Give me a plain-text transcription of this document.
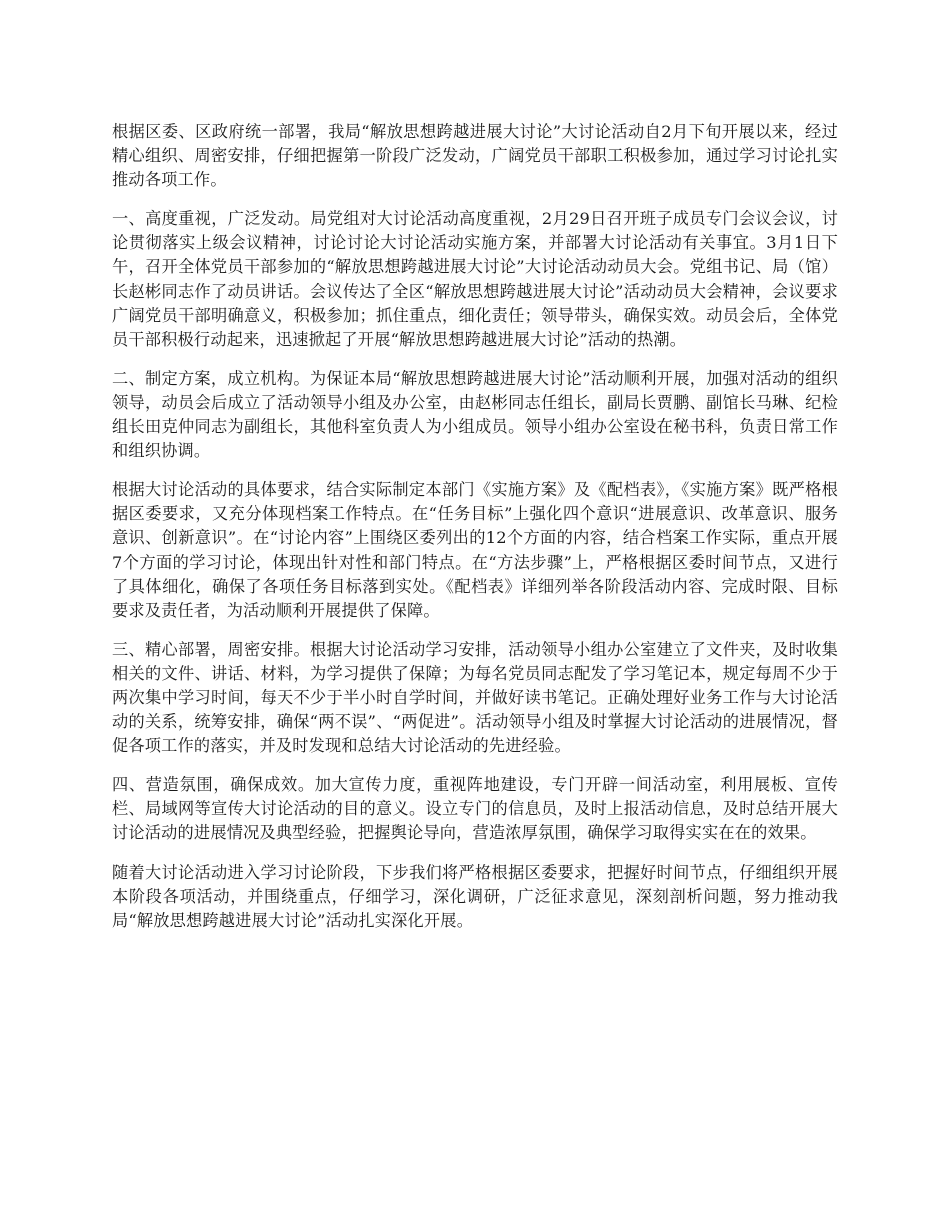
根据区委、区政府统一部署，我局“解放思想跨越进展大讨论”大讨论活动自2月下旬开展以来，经过精心组织、周密安排，仔细把握第一阶段广泛发动，广阔党员干部职工积极参加，通过学习讨论扎实推动各项工作。

一、高度重视，广泛发动。局党组对大讨论活动高度重视，2月29日召开班子成员专门会议会议，讨论贯彻落实上级会议精神，讨论讨论大讨论活动实施方案，并部署大讨论活动有关事宜。3月1日下午，召开全体党员干部参加的“解放思想跨越进展大讨论”大讨论活动动员大会。党组书记、局（馆）长赵彬同志作了动员讲话。会议传达了全区“解放思想跨越进展大讨论”活动动员大会精神，会议要求广阔党员干部明确意义，积极参加；抓住重点，细化责任；领导带头，确保实效。动员会后，全体党员干部积极行动起来，迅速掀起了开展“解放思想跨越进展大讨论”活动的热潮。

二、制定方案，成立机构。为保证本局“解放思想跨越进展大讨论”活动顺利开展，加强对活动的组织领导，动员会后成立了活动领导小组及办公室，由赵彬同志任组长，副局长贾鹏、副馆长马琳、纪检组长田克仲同志为副组长，其他科室负责人为小组成员。领导小组办公室设在秘书科，负责日常工作和组织协调。

根据大讨论活动的具体要求，结合实际制定本部门《实施方案》及《配档表》，《实施方案》既严格根据区委要求，又充分体现档案工作特点。在“任务目标”上强化四个意识“进展意识、改革意识、服务意识、创新意识”。在“讨论内容”上围绕区委列出的12个方面的内容，结合档案工作实际，重点开展7个方面的学习讨论，体现出针对性和部门特点。在“方法步骤”上，严格根据区委时间节点，又进行了具体细化，确保了各项任务目标落到实处。《配档表》详细列举各阶段活动内容、完成时限、目标要求及责任者，为活动顺利开展提供了保障。

三、精心部署，周密安排。根据大讨论活动学习安排，活动领导小组办公室建立了文件夹，及时收集相关的文件、讲话、材料，为学习提供了保障；为每名党员同志配发了学习笔记本，规定每周不少于两次集中学习时间，每天不少于半小时自学时间，并做好读书笔记。正确处理好业务工作与大讨论活动的关系，统筹安排，确保“两不误”、“两促进”。活动领导小组及时掌握大讨论活动的进展情况，督促各项工作的落实，并及时发现和总结大讨论活动的先进经验。

四、营造氛围，确保成效。加大宣传力度，重视阵地建设，专门开辟一间活动室，利用展板、宣传栏、局域网等宣传大讨论活动的目的意义。设立专门的信息员，及时上报活动信息，及时总结开展大讨论活动的进展情况及典型经验，把握舆论导向，营造浓厚氛围，确保学习取得实实在在的效果。

随着大讨论活动进入学习讨论阶段，下步我们将严格根据区委要求，把握好时间节点，仔细组织开展本阶段各项活动，并围绕重点，仔细学习，深化调研，广泛征求意见，深刻剖析问题，努力推动我局“解放思想跨越进展大讨论”活动扎实深化开展。
